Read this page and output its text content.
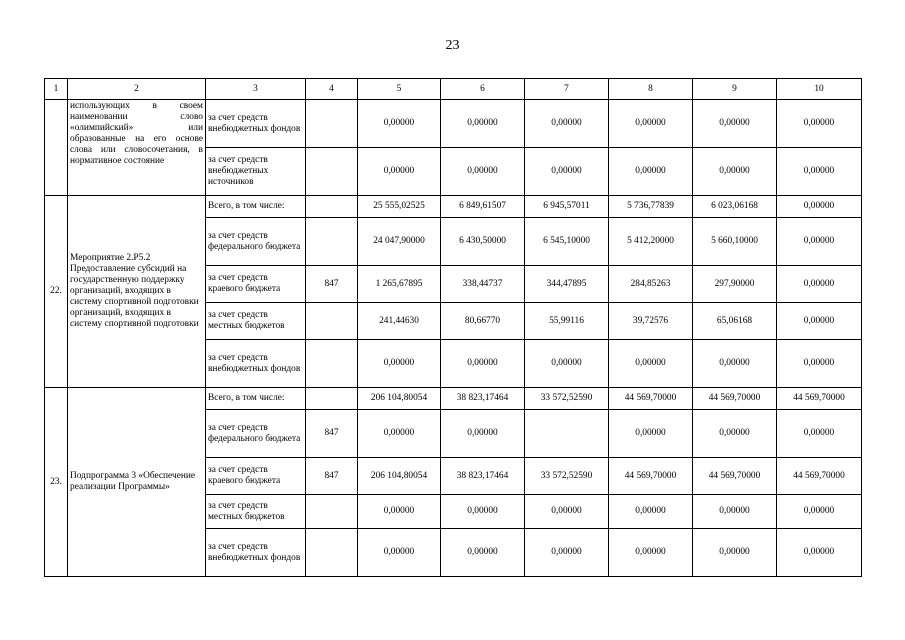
23
1	2	3	4	5	6	7	8	9	10
	использующих в своем наименовании слово «олимпийский» или образованные на его основе слова или словосочетания, в нормативное состояние	за счет средств внебюджетных фондов		0,00000	0,00000	0,00000	0,00000	0,00000	0,00000
		за счет средств внебюджетных источников		0,00000	0,00000	0,00000	0,00000	0,00000	0,00000
22.	Мероприятие 2.Р5.2 Предоставление субсидий на государственную поддержку организаций, входящих в систему спортивной подготовки организаций, входящих в систему спортивной подготовки	Всего, в том числе:		25 555,02525	6 849,61507	6 945,57011	5 736,77839	6 023,06168	0,00000
		за счет средств федерального бюджета		24 047,90000	6 430,50000	6 545,10000	5 412,20000	5 660,10000	0,00000
		за счет средств краевого бюджета	847	1 265,67895	338,44737	344,47895	284,85263	297,90000	0,00000
		за счет средств местных бюджетов		241,44630	80,66770	55,99116	39,72576	65,06168	0,00000
		за счет средств внебюджетных фондов		0,00000	0,00000	0,00000	0,00000	0,00000	0,00000
23.	Подпрограмма 3 «Обеспечение реализации Программы»	Всего, в том числе:		206 104,80054	38 823,17464	33 572,52590	44 569,70000	44 569,70000	44 569,70000
		за счет средств федерального бюджета	847	0,00000	0,00000		0,00000	0,00000	0,00000
		за счет средств краевого бюджета	847	206 104,80054	38 823,17464	33 572,52590	44 569,70000	44 569,70000	44 569,70000
		за счет средств местных бюджетов		0,00000	0,00000	0,00000	0,00000	0,00000	0,00000
		за счет средств внебюджетных фондов		0,00000	0,00000	0,00000	0,00000	0,00000	0,00000
